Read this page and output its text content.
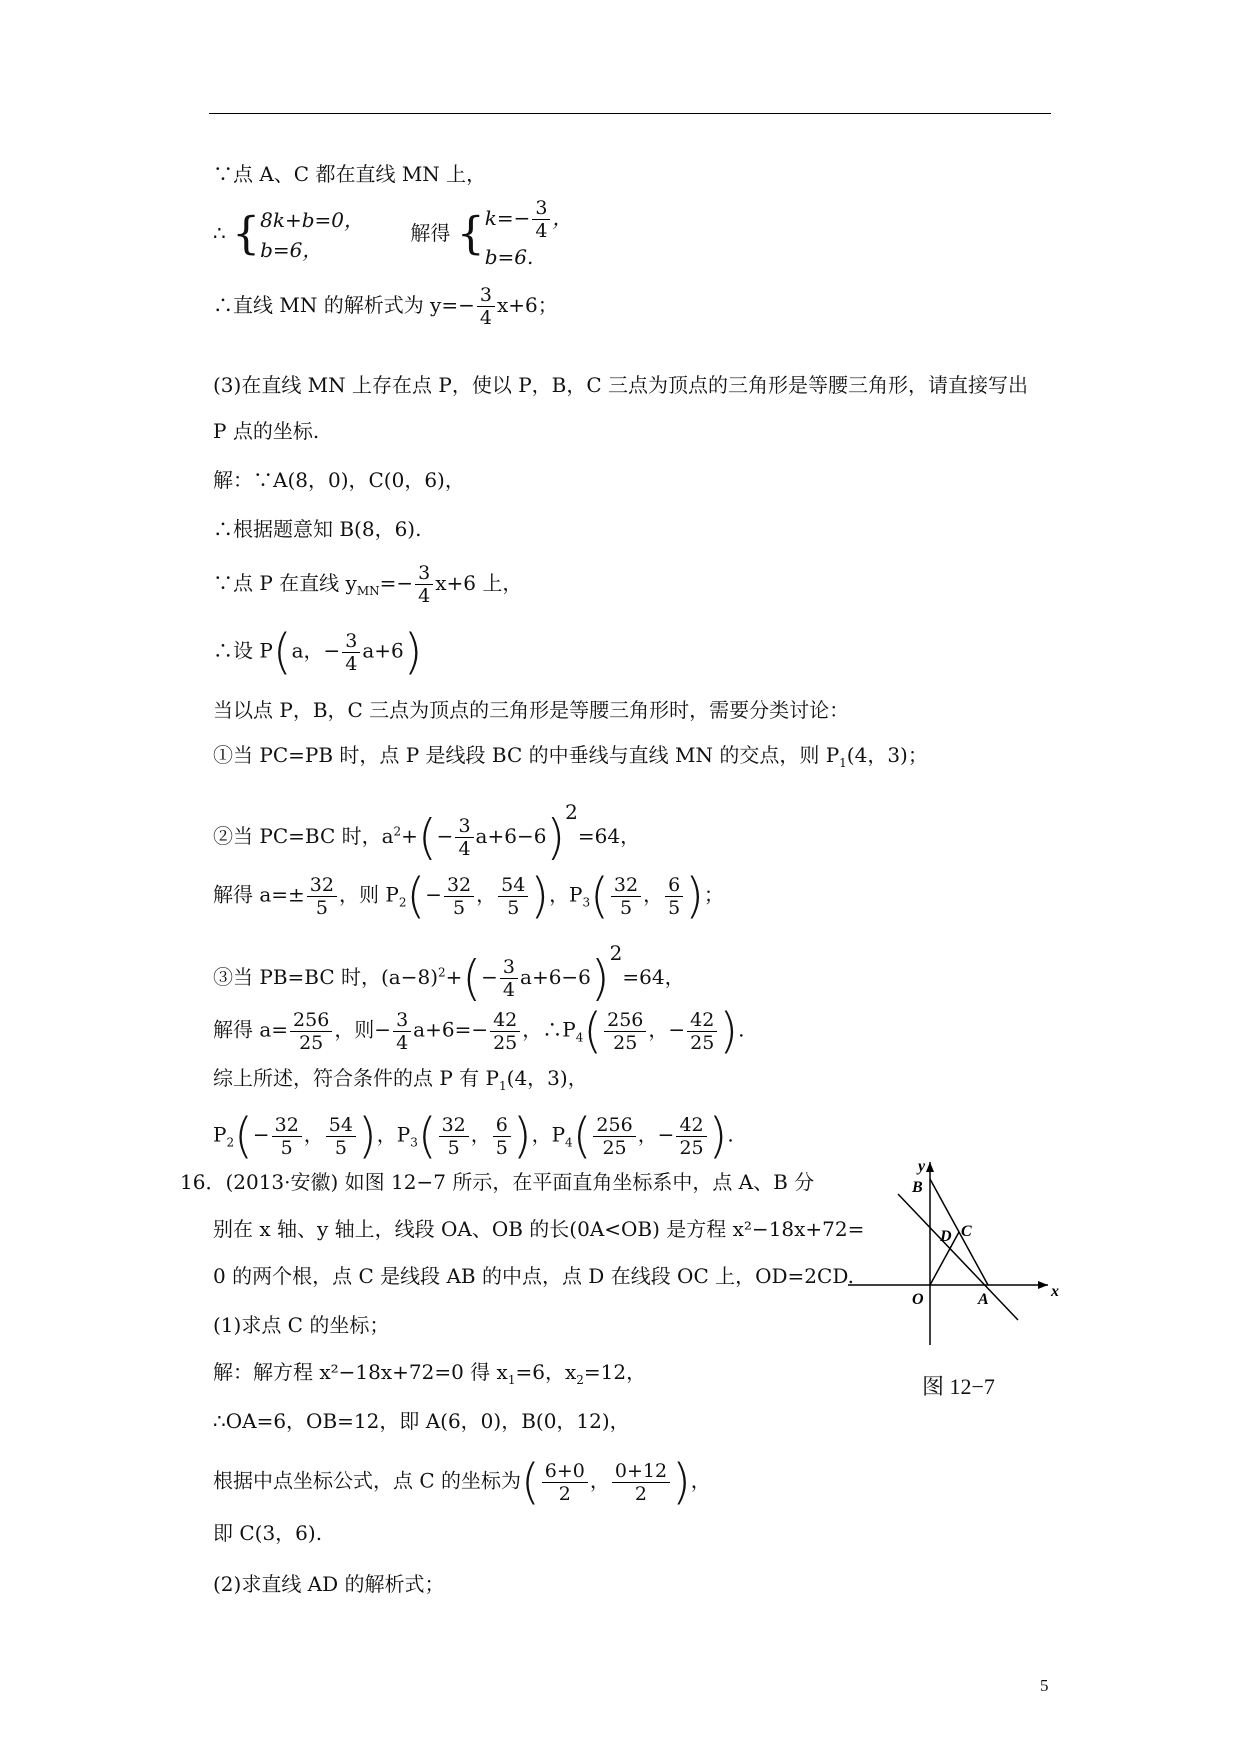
∵点 A、C 都在直线 MN 上，
∴ { 8k+b=0，
b=6，
解得 { $k=- \frac{3}{4}$ ，
b=6.
∴直线 MN 的解析式为 $y=- \frac{3}{4} x+6$；
(3)在直线 MN 上存在点 P，使以 P，B，C 三点为顶点的三角形是等腰三角形，请直接写出
P 点的坐标.
解：∵A(8，0)，C(0，6)，
∴根据题意知 B(8，6).
∵点 P 在直线 $y_{MN}=- \frac{3}{4} x+6$ 上，
∴设 P(a，− $\frac{3}{4} a+6$)
当以点 P，B，C 三点为顶点的三角形是等腰三角形时，需要分类讨论：
①当 PC=PB 时，点 P 是线段 BC 的中垂线与直线 MN 的交点，则 $P_1(4$，3)；
②当 PC=BC 时，$a^2+(- \frac{3}{4} a+6-6)^2=64$，
解得 $a=\pm \frac{32}{5}$ ，则 $P_2(- \frac{32}{5}$ ， $\frac{54}{5}$ )，$P_3( \frac{32}{5}$ ， $\frac{6}{5}$ )；
③当 PB=BC 时，$(a-8)^2+(- \frac{3}{4} a+6-6)^2=64$，
解得 $a= \frac{256}{25}$ ，则− $\frac{3}{4} a+6=- \frac{42}{25}$ ，$\therefore P_4( \frac{256}{25}$ ，− $\frac{42}{25}$ ).
综上所述，符合条件的点 P 有 $P_1(4$，3)，
$P_2(- \frac{32}{5}$ ， $\frac{54}{5}$ )，$P_3( \frac{32}{5}$ ， $\frac{6}{5}$ )，$P_4( \frac{256}{25}$ ，− $\frac{42}{25}$ ).
16．(2013·安徽) 如图 12−7 所示，在平面直角坐标系中，点 A、B 分
别在 x 轴、y 轴上，线段 OA、OB 的长(0A<OB) 是方程 x²−18x+72=
0 的两个根，点 C 是线段 AB 的中点，点 D 在线段 OC 上，OD=2CD.
(1)求点 C 的坐标；
解：解方程 x²−18x+72=0 得 $x_1=6$，$x_2=12$，
∴OA=6，OB=12，即 A(6，0)，B(0，12)，
根据中点坐标公式，点 C 的坐标为( $\frac{6+0}{2}$ ， $\frac{0+12}{2}$ )，
即 C(3，6).
(2)求直线 AD 的解析式；
y
x
O	A
B
C
D
图 12−7
5
